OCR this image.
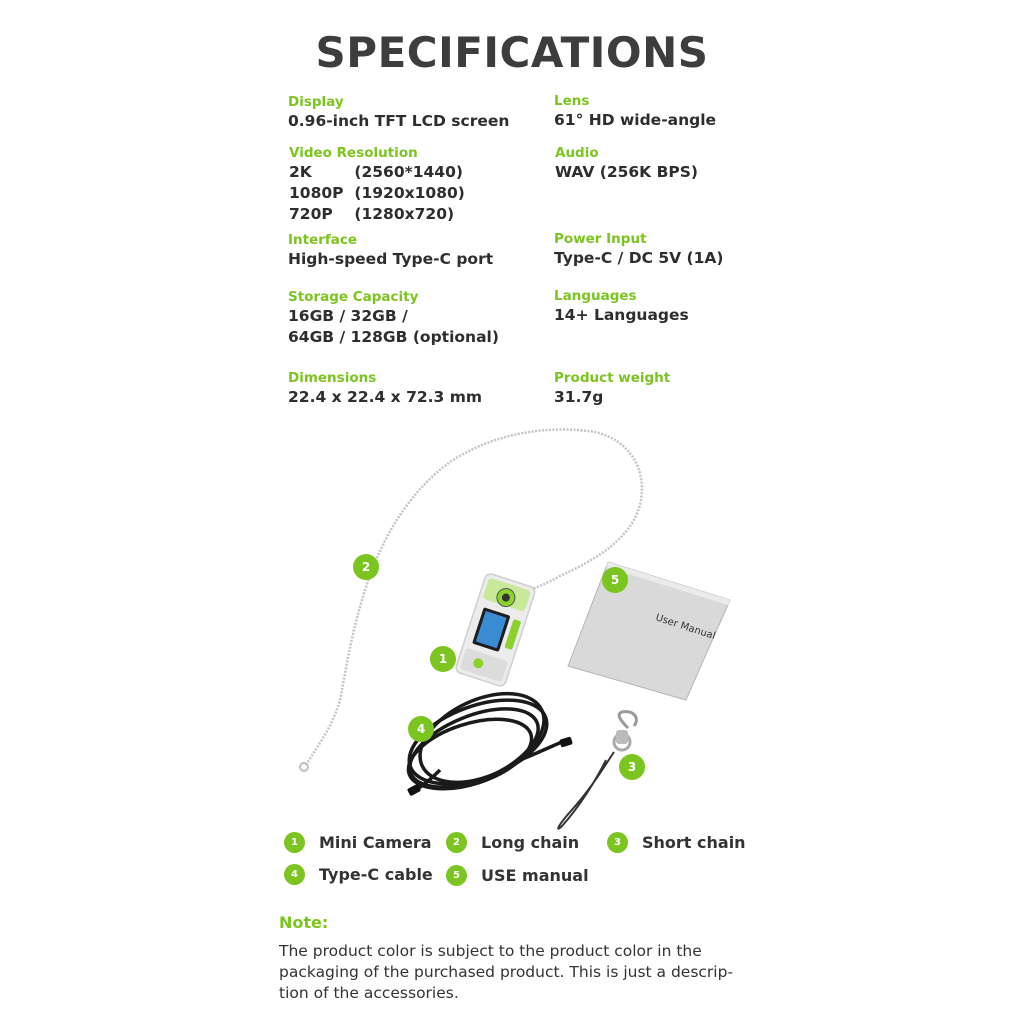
SPECIFICATIONS
Display
0.96-inch TFT LCD screen
Video Resolution
2K	(2560*1440)
1080P (1920x1080)
720P (1280x720)
Interface
High-speed Type-C port
Storage Capacity
16GB / 32GB /
64GB / 128GB (optional)
Dimensions
22.4 x 22.4 x 72.3 mm
Lens
61° HD wide-angle
Audio
WAV (256K BPS)
Power Input
Type-C / DC 5V (1A)
Languages
14+ Languages
Product weight
31.7g
User Manual
1
2
3
4
5
1	Mini Camera	2	Long chain	3	Short chain
4	Type-C cable	5	USE manual
Note:
The product color is subject to the product color in the
packaging of the purchased product. This is just a descrip-
tion of the accessories.
